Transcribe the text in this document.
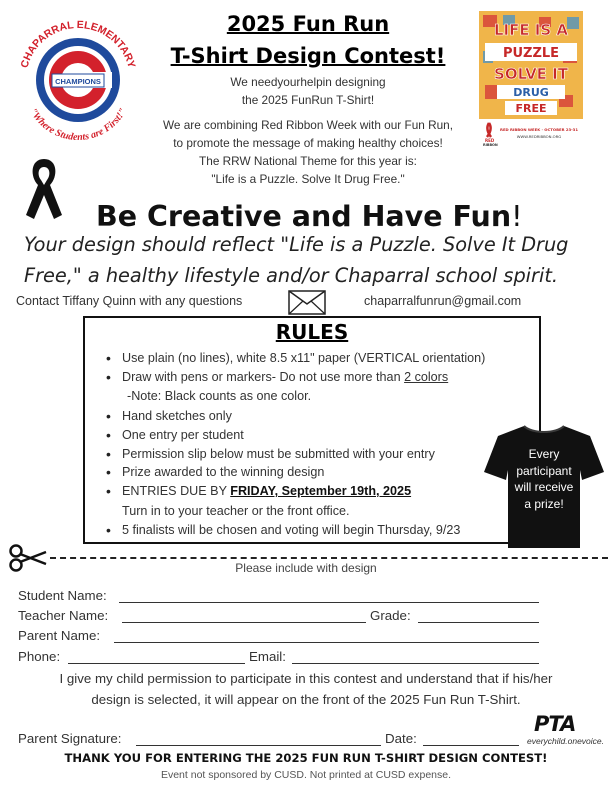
CHAMPIONS
CHAPARRAL ELEMENTARY
"Where Students are First!"
2025 Fun Run
T-Shirt Design Contest!
We needyourhelpin designing
the 2025 FunRun T-Shirt!
We are combining Red Ribbon Week with our Fun Run,
to promote the message of making healthy choices!
The RRW National Theme for this year is:
"Life is a Puzzle. Solve It Drug Free."
LIFE IS A
PUZZLE
SOLVE IT
DRUG
FREE
RED
RIBBON
RED RIBBON WEEK · OCTOBER 23-31
WWW.REDRIBBON.ORG
Be Creative and Have Fun!
Your design should reflect "Life is a Puzzle. Solve It Drug
Free," a healthy lifestyle and/or Chaparral school spirit.
Contact Tiffany Quinn with any questions	chaparralfunrun@gmail.com
RULES
• Use plain (no lines), white 8.5 x11" paper (VERTICAL orientation)
• Draw with pens or markers- Do not use more than 2 colors
-Note: Black counts as one color.
• Hand sketches only
• One entry per student
• Permission slip below must be submitted with your entry
• Prize awarded to the winning design
• ENTRIES DUE BY FRIDAY, September 19th, 2025
Turn in to your teacher or the front office.
• 5 finalists will be chosen and voting will begin Thursday, 9/23
Every
participant
will receive
a prize!
Please include with design
Student Name:
Teacher Name:	Grade:
Parent Name:
Phone:	Email:
I give my child permission to participate in this contest and understand that if his/her
design is selected, it will appear on the front of the 2025 Fun Run T-Shirt.
Parent Signature:	Date:
PTA
everychild.onevoice.
THANK YOU FOR ENTERING THE 2025 FUN RUN T-SHIRT DESIGN CONTEST!
Event not sponsored by CUSD. Not printed at CUSD expense.
